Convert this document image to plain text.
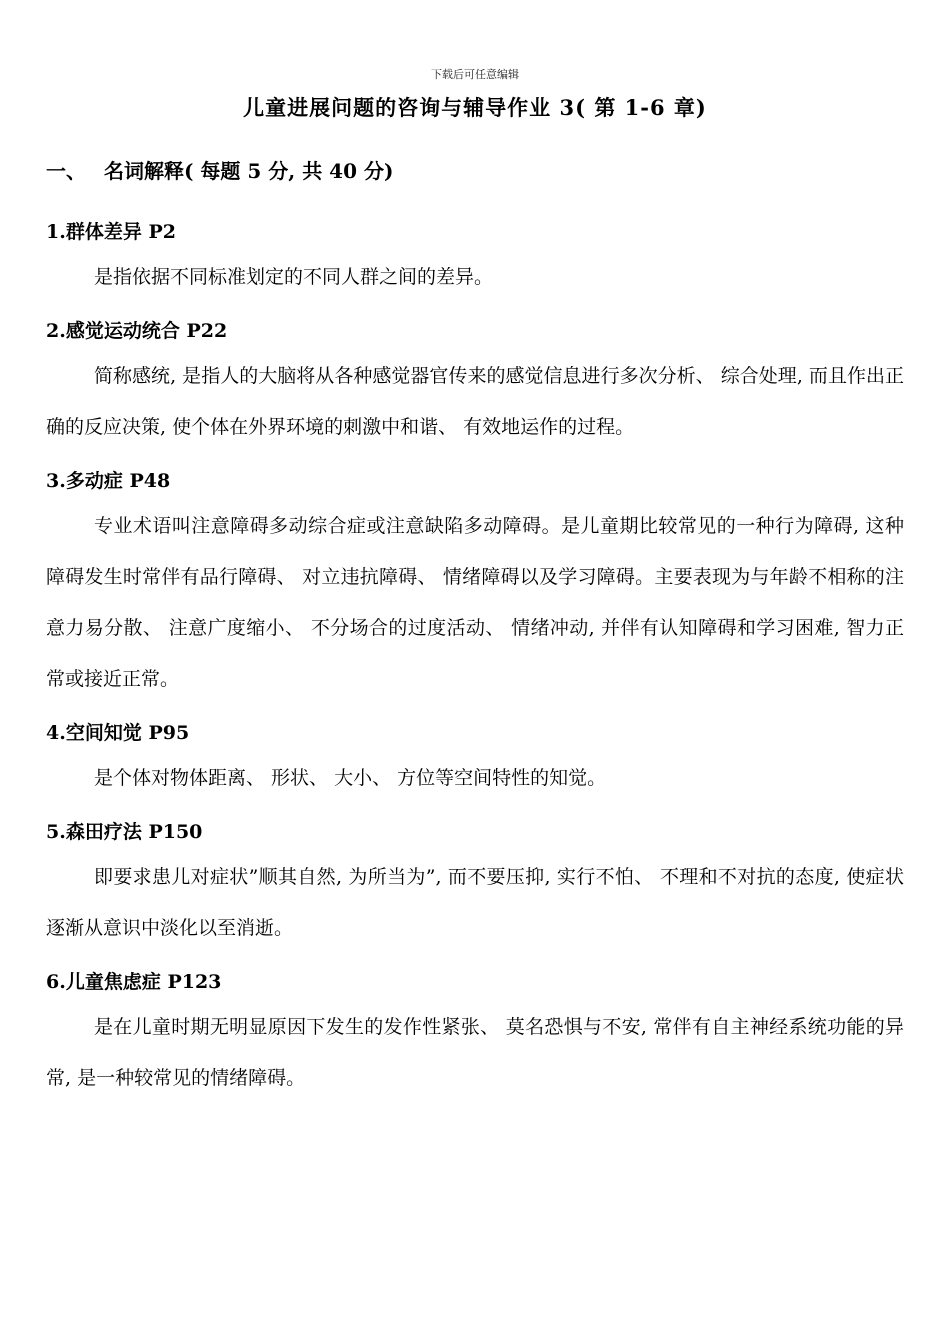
下载后可任意编辑
儿童进展问题的咨询与辅导作业 3( 第 1-6 章)
一、 名词解释( 每题 5 分, 共 40 分)

1.群体差异 P2

是指依据不同标准划定的不同人群之间的差异。

2.感觉运动统合 P22

简称感统, 是指人的大脑将从各种感觉器官传来的感觉信息进行多次分析、 综合处理, 而且作出正确的反应决策, 使个体在外界环境的刺激中和谐、 有效地运作的过程。

3.多动症 P48

专业术语叫注意障碍多动综合症或注意缺陷多动障碍。是儿童期比较常见的一种行为障碍, 这种障碍发生时常伴有品行障碍、 对立违抗障碍、 情绪障碍以及学习障碍。主要表现为与年龄不相称的注意力易分散、 注意广度缩小、 不分场合的过度活动、 情绪冲动, 并伴有认知障碍和学习困难, 智力正常或接近正常。

4.空间知觉 P95

是个体对物体距离、 形状、 大小、 方位等空间特性的知觉。

5.森田疗法 P150

即要求患儿对症状”顺其自然, 为所当为”, 而不要压抑, 实行不怕、 不理和不对抗的态度, 使症状逐渐从意识中淡化以至消逝。

6.儿童焦虑症 P123

是在儿童时期无明显原因下发生的发作性紧张、 莫名恐惧与不安, 常伴有自主神经系统功能的异常, 是一种较常见的情绪障碍。
